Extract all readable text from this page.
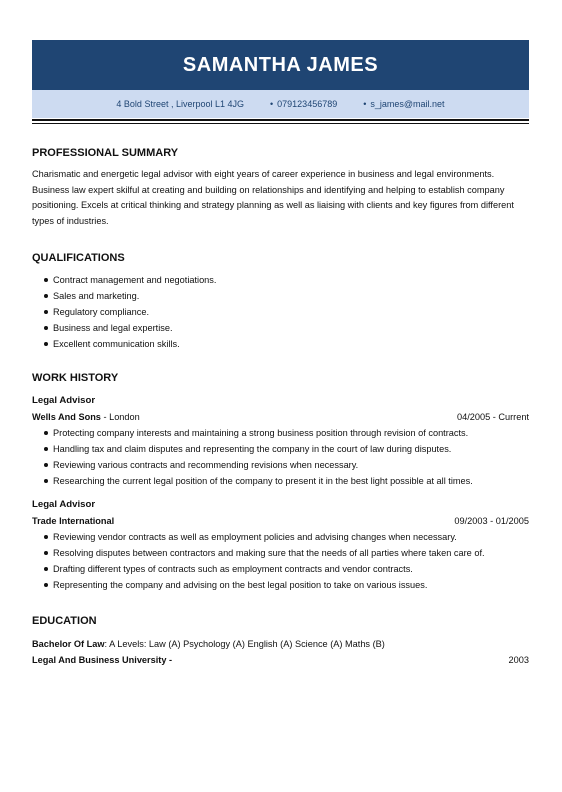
SAMANTHA JAMES
4 Bold Street , Liverpool L1 4JG	• 079123456789	• s_james@mail.net
PROFESSIONAL SUMMARY
Charismatic and energetic legal advisor with eight years of career experience in business and legal environments. Business law expert skilful at creating and building on relationships and identifying and helping to establish company positioning. Excels at critical thinking and strategy planning as well as liaising with clients and key figures from different types of industries.
QUALIFICATIONS
Contract management and negotiations.
Sales and marketing.
Regulatory compliance.
Business and legal expertise.
Excellent communication skills.
WORK HISTORY
Legal Advisor
Wells And Sons - London	04/2005 - Current
Protecting company interests and maintaining a strong business position through revision of contracts.
Handling tax and claim disputes and representing the company in the court of law during disputes.
Reviewing various contracts and recommending revisions when necessary.
Researching the current legal position of the company to present it in the best light possible at all times.
Legal Advisor
Trade International	09/2003 - 01/2005
Reviewing vendor contracts as well as employment policies and advising changes when necessary.
Resolving disputes between contractors and making sure that the needs of all parties where taken care of.
Drafting different types of contracts such as employment contracts and vendor contracts.
Representing the company and advising on the best legal position to take on various issues.
EDUCATION
Bachelor Of Law : A Levels: Law (A) Psychology (A) English (A) Science (A) Maths (B)
Legal And Business University -	2003
